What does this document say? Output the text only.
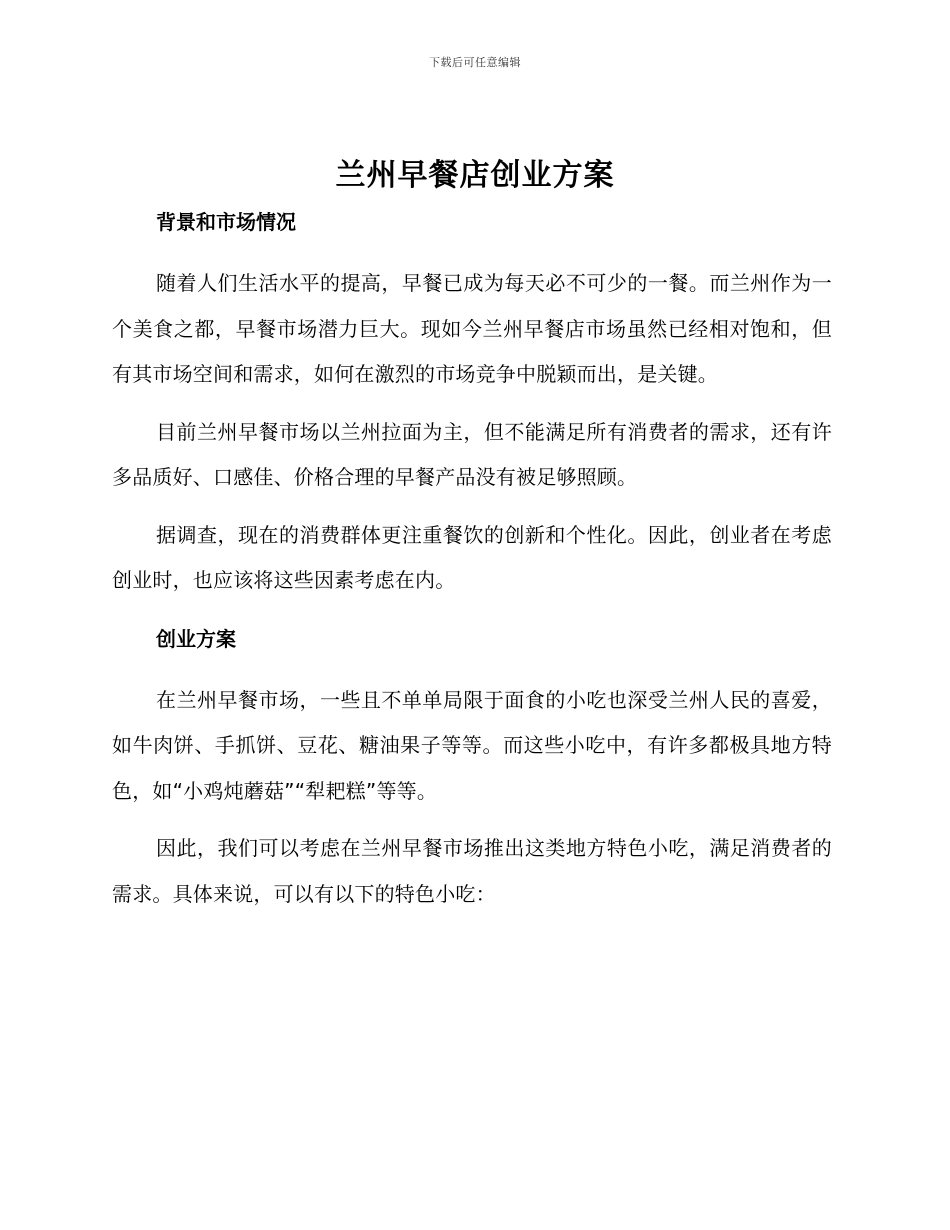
下载后可任意编辑
兰州早餐店创业方案
背景和市场情况

随着人们生活水平的提高，早餐已成为每天必不可少的一餐。而兰州作为一个美食之都，早餐市场潜力巨大。现如今兰州早餐店市场虽然已经相对饱和，但有其市场空间和需求，如何在激烈的市场竞争中脱颖而出，是关键。

目前兰州早餐市场以兰州拉面为主，但不能满足所有消费者的需求，还有许多品质好、口感佳、价格合理的早餐产品没有被足够照顾。

据调查，现在的消费群体更注重餐饮的创新和个性化。因此，创业者在考虑创业时，也应该将这些因素考虑在内。

创业方案

在兰州早餐市场，一些且不单单局限于面食的小吃也深受兰州人民的喜爱，如牛肉饼、手抓饼、豆花、糖油果子等等。而这些小吃中，有许多都极具地方特色，如“小鸡炖蘑菇”“犁耙糕”等等。

因此，我们可以考虑在兰州早餐市场推出这类地方特色小吃，满足消费者的需求。具体来说，可以有以下的特色小吃：
